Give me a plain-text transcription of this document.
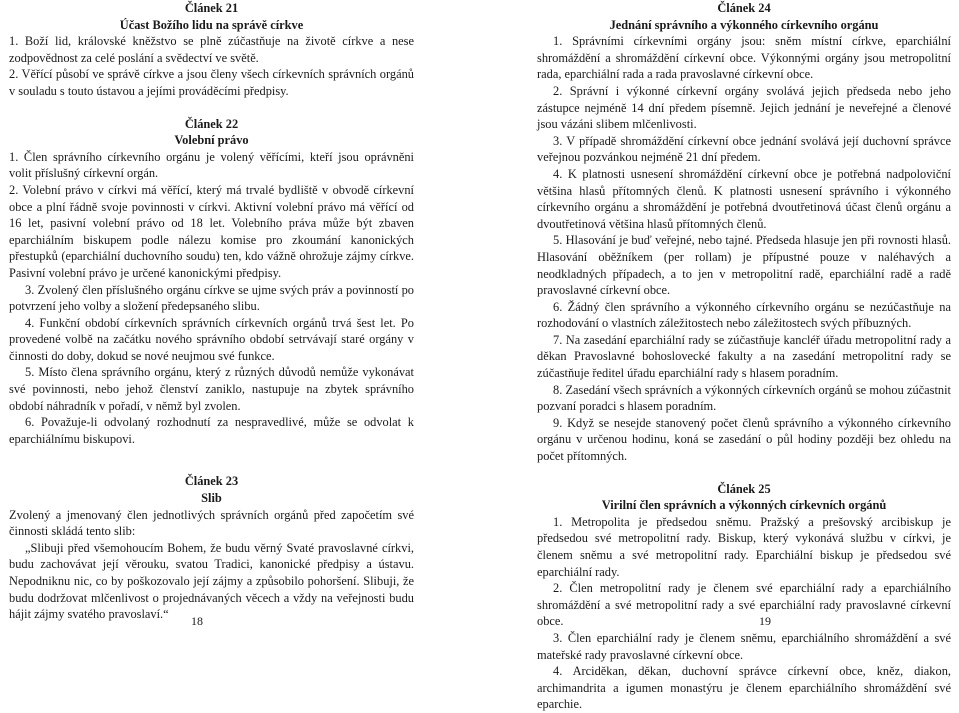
Článek 21

Účast Božího lidu na správě církve

1. Boží lid, královské kněžstvo se plně zúčastňuje na životě církve a nese zodpovědnost za celé poslání a svědectví ve světě.

2. Věřící působí ve správě církve a jsou členy všech církevních správních orgánů v souladu s touto ústavou a jejími prováděcími předpisy.

Článek 22

Volební právo

1. Člen správního církevního orgánu je volený věřícími, kteří jsou oprávněni volit příslušný církevní orgán.

2. Volební právo v církvi má věřící, který má trvalé bydliště v obvodě církevní obce a plní řádně svoje povinnosti v církvi. Aktivní volební právo má věřící od 16 let, pasivní volební právo od 18 let. Volebního práva může být zbaven eparchiálním biskupem podle nálezu komise pro zkoumání kanonických přestupků (eparchiální duchovního soudu) ten, kdo vážně ohrožuje zájmy církve. Pasivní volební právo je určené kanonickými předpisy.

3. Zvolený člen příslušného orgánu církve se ujme svých práv a povinností po potvrzení jeho volby a složení předepsaného slibu.

4. Funkční období církevních správních církevních orgánů trvá šest let. Po provedené volbě na začátku nového správního období setrvávají staré orgány v činnosti do doby, dokud se nové neujmou své funkce.

5. Místo člena správního orgánu, který z různých důvodů nemůže vykonávat své povinnosti, nebo jehož členství zaniklo, nastupuje na zbytek správního období náhradník v pořadí, v němž byl zvolen.

6. Považuje-li odvolaný rozhodnutí za nespravedlivé, může se odvolat k eparchiálnímu biskupovi.

Článek 23

Slib

Zvolený a jmenovaný člen jednotlivých správních orgánů před započetím své činnosti skládá tento slib:

„Slibuji před všemohoucím Bohem, že budu věrný Svaté pravoslavné církvi, budu zachovávat její věrouku, svatou Tradici, kanonické předpisy a ústavu. Nepodniknu nic, co by poškozovalo její zájmy a způsobilo pohoršení. Slibuji, že budu dodržovat mlčenlivost o projednávaných věcech a vždy na veřejnosti budu hájit zájmy svatého pravoslaví.“

Článek 24

Jednání správního a výkonného církevního orgánu

1. Správními církevními orgány jsou: sněm místní církve, eparchiální shromáždění a shromáždění církevní obce. Výkonnými orgány jsou metropolitní rada, eparchiální rada a rada pravoslavné církevní obce.

2. Správní i výkonné církevní orgány svolává jejich předseda nebo jeho zástupce nejméně 14 dní předem písemně. Jejich jednání je neveřejné a členové jsou vázáni slibem mlčenlivosti.

3. V případě shromáždění církevní obce jednání svolává její duchovní správce veřejnou pozvánkou nejméně 21 dní předem.

4. K platnosti usnesení shromáždění církevní obce je potřebná nadpoloviční většina hlasů přítomných členů. K platnosti usnesení správního i výkonného církevního orgánu a shromáždění je potřebná dvoutřetinová účast členů orgánu a dvoutřetinová většina hlasů přítomných členů.

5. Hlasování je buď veřejné, nebo tajné. Předseda hlasuje jen při rovnosti hlasů. Hlasování oběžníkem (per rollam) je přípustné pouze v naléhavých a neodkladných případech, a to jen v metropolitní radě, eparchiální radě a radě pravoslavné církevní obce.

6. Žádný člen správního a výkonného církevního orgánu se nezúčastňuje na rozhodování o vlastních záležitostech nebo záležitostech svých příbuzných.

7. Na zasedání eparchiální rady se zúčastňuje kancléř úřadu metropolitní rady a děkan Pravoslavné bohoslovecké fakulty a na zasedání metropolitní rady se zúčastňuje ředitel úřadu eparchiální rady s hlasem poradním.

8. Zasedání všech správních a výkonných církevních orgánů se mohou zúčastnit pozvaní poradci s hlasem poradním.

9. Když se nesejde stanovený počet členů správního a výkonného církevního orgánu v určenou hodinu, koná se zasedání o půl hodiny později bez ohledu na počet přítomných.

Článek 25

Virilní člen správních a výkonných církevních orgánů

1. Metropolita je předsedou sněmu. Pražský a prešovský arcibiskup je předsedou své metropolitní rady. Biskup, který vykonává službu v církvi, je členem sněmu a své metropolitní rady. Eparchiální biskup je předsedou své eparchiální rady.

2. Člen metropolitní rady je členem své eparchiální rady a eparchiálního shromáždění a své metropolitní rady a své eparchiální rady pravoslavné církevní obce.

3. Člen eparchiální rady je členem sněmu, eparchiálního shromáždění a své mateřské rady pravoslavné církevní obce.

4. Arciděkan, děkan, duchovní správce církevní obce, kněz, diakon, archimandrita a igumen monastýru je členem eparchiálního shromáždění své eparchie.

18	19
